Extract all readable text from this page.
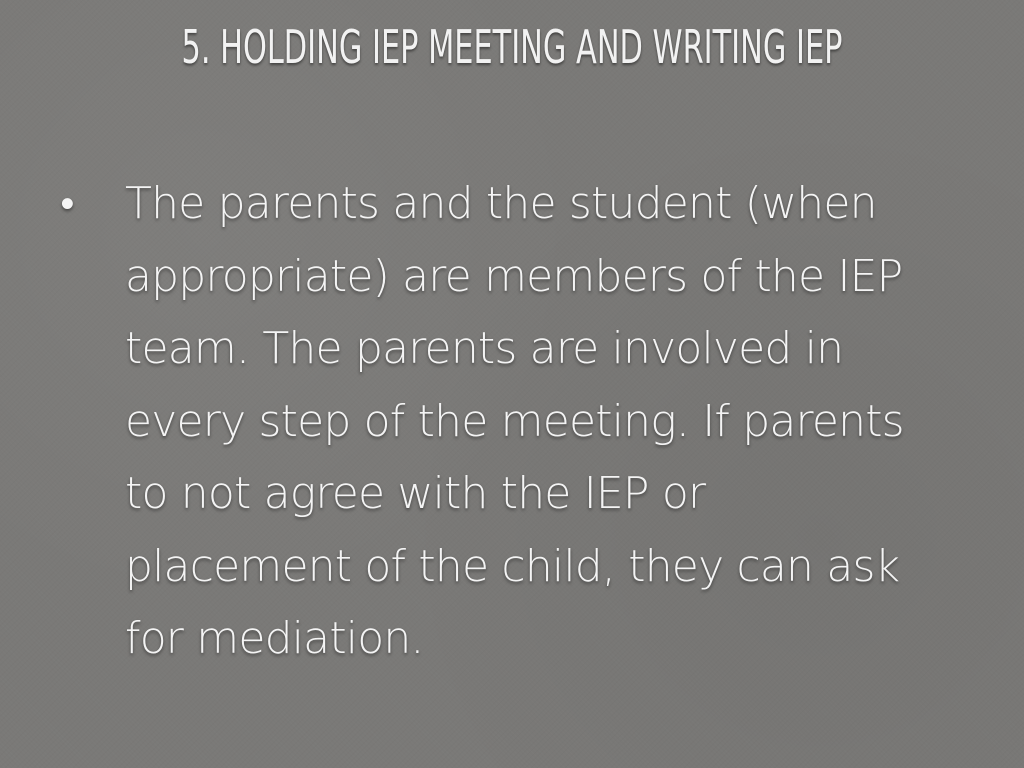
5. HOLDING IEP MEETING AND WRITING IEP
• The parents and the student (when appropriate) are members of the IEP team. The parents are involved in every step of the meeting. If parents to not agree with the IEP or placement of the child, they can ask for mediation.
